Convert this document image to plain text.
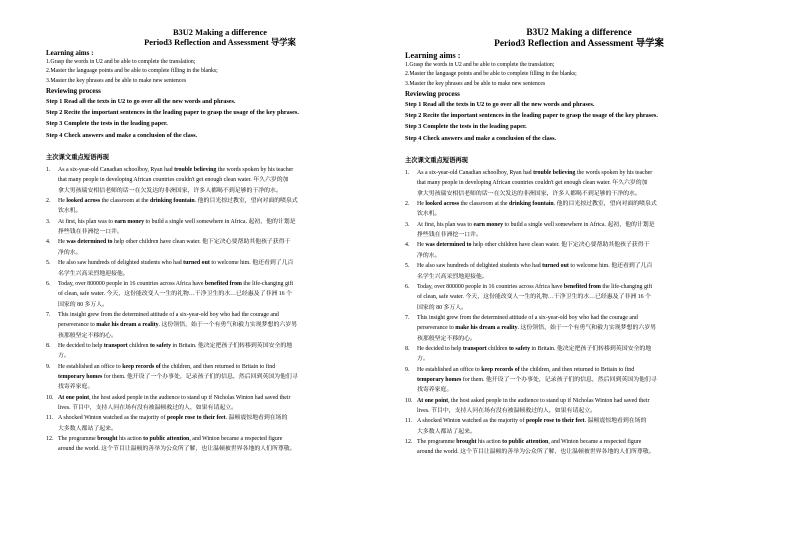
B3U2 Making a difference
Period3 Reflection and Assessment 导学案
Learning aims :
1.Grasp the words in U2 and be able to complete the translation;
2.Master the language points and be able to complete filling in the blanks;
3.Master the key phrases and be able to make new sentences
Reviewing process
Step 1 Read all the texts in U2 to go over all the new words and phrases.
Step 2 Recite the important sentences in the leading paper to grasp the usage of the key phrases.
Step 3 Complete the tests in the leading paper.
Step 4 Check answers and make a conclusion of the class.
主次课文重点短语再现
1.	As a six-year-old Canadian schoolboy, Ryan had trouble believing the words spoken by his teacher
that many people in developing African countries couldn't get enough clean water. 年久六岁的加
拿大男孩瑞安相信老师的话一在欠发达的非洲国家，许多人都喝不到足够的干净的水。
2.	He looked across the classroom at the drinking fountain. 他的目光掠过教室，望向对面的喷泉式
饮水机。
3.	At first, his plan was to earn money to build a single well somewhere in Africa. 起初，他的计划是
挣些钱在非洲挖一口井。
4.	He was determined to help other children have clean water. 他下定决心要帮助其他孩子获得干
净的水。
5.	He also saw hundreds of delighted students who had turned out to welcome him. 他还看到了几百
名学生兴高采烈地迎接他。
6.	Today, over 800000 people in 16 countries across Africa have benefited from the life-changing gift
of clean, safe water. 今天，这份能改变人一生的礼物…干净卫生的水…已经惠及了非洲 16 个
国家的 80 多万人。
7.	This insight grew from the determined attitude of a six-year-old boy who had the courage and
perseverance to make his dream a reality. 这份领悟，始于一个有勇气和毅力实现梦想的六岁男
孩那般坚定不移的心。
8.	He decided to help transport children to safety in Britain. 他决定把孩子们转移到英国安全的地
方。
9.	He established an office to keep records of the children, and then returned to Britain to find
temporary homes for them. 他开设了一个办事处，记录孩子们的信息，然后回到英国为他们寻
找寄养家庭。
10. At one point, the host asked people in the audience to stand up if Nicholas Winton had saved their
lives. 节目中，支持人问在场有没有被温顿救过的人，如果有请起立。
11. A shocked Winton watched as the majority of people rose to their feet. 温顿震惊地看到在场的
大多数人都站了起来。
12. The programme brought his action to public attention, and Winton became a respected figure
around the world. 这个节目让温顿的善举为公众所了解，也让温顿被世界各地的人们所尊敬。
B3U2 Making a difference
Period3 Reflection and Assessment 导学案
Learning aims :
1.Grasp the words in U2 and be able to complete the translation;
2.Master the language points and be able to complete filling in the blanks;
3.Master the key phrases and be able to make new sentences
Reviewing process
Step 1 Read all the texts in U2 to go over all the new words and phrases.
Step 2 Recite the important sentences in the leading paper to grasp the usage of the key phrases.
Step 3 Complete the tests in the leading paper.
Step 4 Check answers and make a conclusion of the class.
主次课文重点短语再现
1.	As a six-year-old Canadian schoolboy, Ryan had trouble believing the words spoken by his teacher
that many people in developing African countries couldn't get enough clean water. 年久六岁的加
拿大男孩瑞安相信老师的话一在欠发达的非洲国家，许多人都喝不到足够的干净的水。
2.	He looked across the classroom at the drinking fountain. 他的目光掠过教室，望向对面的喷泉式
饮水机。
3.	At first, his plan was to earn money to build a single well somewhere in Africa. 起初，他的计划是
挣些钱在非洲挖一口井。
4.	He was determined to help other children have clean water. 他下定决心要帮助其他孩子获得干
净的水。
5.	He also saw hundreds of delighted students who had turned out to welcome him. 他还看到了几百
名学生兴高采烈地迎接他。
6.	Today, over 800000 people in 16 countries across Africa have benefited from the life-changing gift
of clean, safe water. 今天，这份能改变人一生的礼物…干净卫生的水…已经惠及了非洲 16 个
国家的 80 多万人。
7.	This insight grew from the determined attitude of a six-year-old boy who had the courage and
perseverance to make his dream a reality. 这份领悟，始于一个有勇气和毅力实现梦想的六岁男
孩那般坚定不移的心。
8.	He decided to help transport children to safety in Britain. 他决定把孩子们转移到英国安全的地
方。
9.	He established an office to keep records of the children, and then returned to Britain to find
temporary homes for them. 他开设了一个办事处，记录孩子们的信息，然后回到英国为他们寻
找寄养家庭。
10. At one point, the host asked people in the audience to stand up if Nicholas Winton had saved their
lives. 节目中，支持人问在场有没有被温顿救过的人，如果有请起立。
11. A shocked Winton watched as the majority of people rose to their feet. 温顿震惊地看到在场的
大多数人都站了起来。
12. The programme brought his action to public attention, and Winton became a respected figure
around the world. 这个节目让温顿的善举为公众所了解，也让温顿被世界各地的人们所尊敬。
